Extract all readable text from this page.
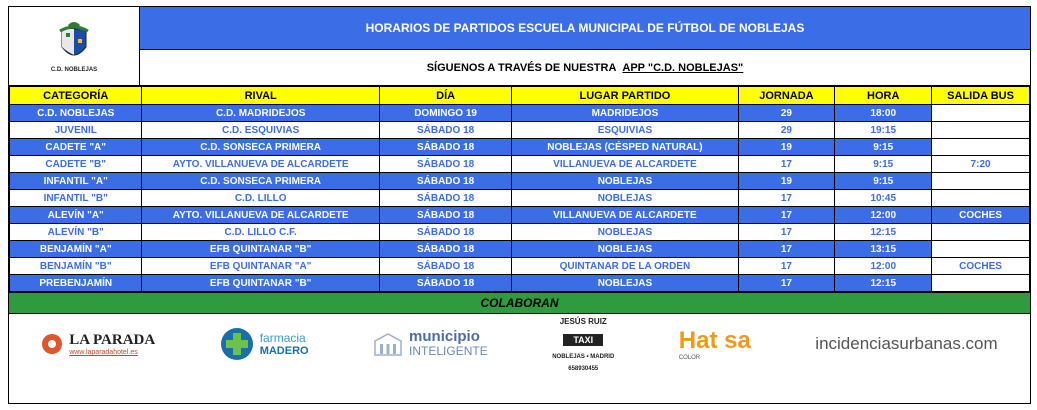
C.D. NOBLEJAS
HORARIOS DE PARTIDOS ESCUELA MUNICIPAL DE FÚTBOL DE NOBLEJAS
SÍGUENOS A TRAVÉS DE NUESTRA APP "C.D. NOBLEJAS"
CATEGORÍA	RIVAL	DÍA	LUGAR PARTIDO	JORNADA	HORA	SALIDA BUS
C.D. NOBLEJAS	C.D. MADRIDEJOS	DOMINGO 19	MADRIDEJOS	29	18:00	
JUVENIL	C.D. ESQUIVIAS	SÁBADO 18	ESQUIVIAS	29	19:15	
CADETE "A"	C.D. SONSECA PRIMERA	SÁBADO 18	NOBLEJAS (CÉSPED NATURAL)	19	9:15	
CADETE "B"	AYTO. VILLANUEVA DE ALCARDETE	SÁBADO 18	VILLANUEVA DE ALCARDETE	17	9:15	7:20
INFANTIL "A"	C.D. SONSECA PRIMERA	SÁBADO 18	NOBLEJAS	19	9:15	
INFANTIL "B"	C.D. LILLO	SÁBADO 18	NOBLEJAS	17	10:45	
ALEVÍN "A"	AYTO. VILLANUEVA DE ALCARDETE	SÁBADO 18	VILLANUEVA DE ALCARDETE	17	12:00	COCHES
ALEVÍN "B"	C.D. LILLO C.F.	SÁBADO 18	NOBLEJAS	17	12:15	
BENJAMÍN "A"	EFB QUINTANAR "B"	SÁBADO 18	NOBLEJAS	17	13:15	
BENJAMÍN "B"	EFB QUINTANAR "A"	SÁBADO 18	QUINTANAR DE LA ORDEN	17	12:00	COCHES
PREBENJAMÍN	EFB QUINTANAR "B"	SÁBADO 18	NOBLEJAS	17	12:15	
COLABORAN
LA PARADA
www.laparadahotel.es
farmacia
MADERO
municipio
INTELIGENTE
JESÚS RUIZ
TAXI
NOBLEJAS • MADRID
658930455
Hat sa
COLOR
incidenciasurbanas.com
